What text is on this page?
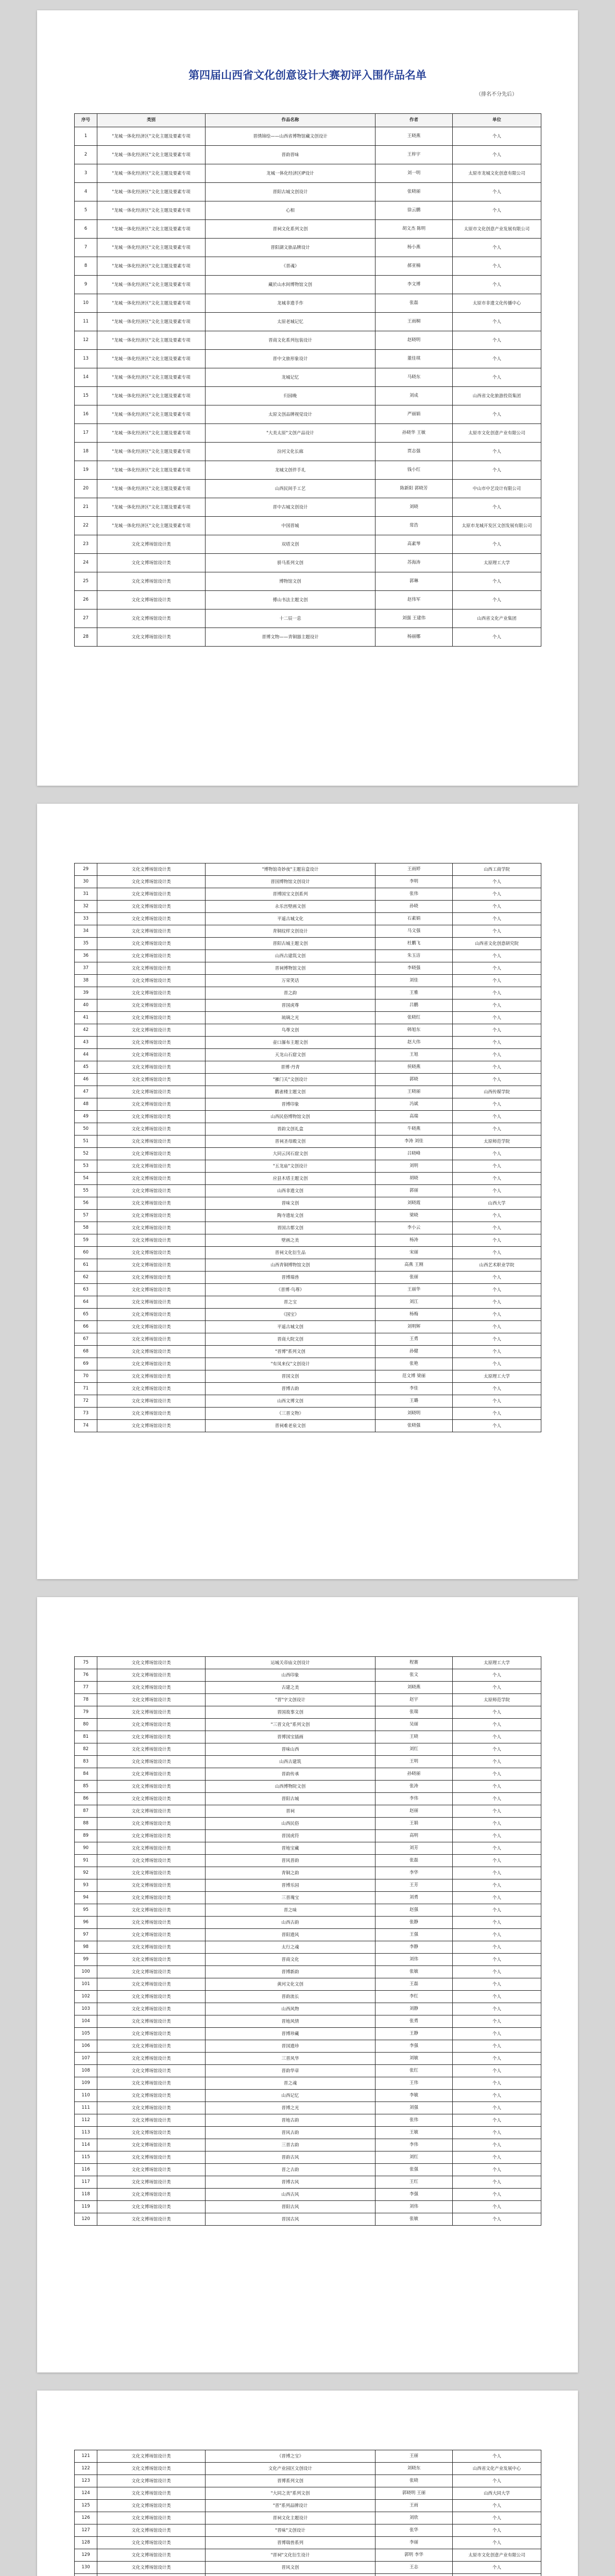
第四届山西省文化创意设计大赛初评入围作品名单
（排名不分先后）
序号	类别	作品名称	作者	单位
1	"龙城一体化经济区"文化主题及要素专项	晋绣锦绘——山西省博物馆藏文创设计	王晓燕	个人
2	"龙城一体化经济区"文化主题及要素专项	晋韵晋味	王梓宇	个人
3	"龙城一体化经济区"文化主题及要素专项	龙城一体化经济区IP设计	刘一明	太原市龙城文化创意有限公司
4	"龙城一体化经济区"文化主题及要素专项	晋阳古城文创设计	张晓丽	个人
5	"龙城一体化经济区"文化主题及要素专项	心相	徐云鹏	个人
6	"龙城一体化经济区"文化主题及要素专项	晋祠文化系列文创	胡文杰 陈明	太原市文化创意产业发展有限公司
7	"龙城一体化经济区"文化主题及要素专项	晋阳湖文旅品牌设计	杨小燕	个人
8	"龙城一体化经济区"文化主题及要素专项	《晋魂》	郝亚楠	个人
9	"龙城一体化经济区"文化主题及要素专项	藏於山水间博物馆文创	李文博	个人
10	"龙城一体化经济区"文化主题及要素专项	龙城非遗手作	张磊	太原市非遗文化传播中心
11	"龙城一体化经济区"文化主题及要素专项	太原老城记忆	王雨桐	个人
12	"龙城一体化经济区"文化主题及要素专项	晋商文化系列包装设计	赵晓明	个人
13	"龙城一体化经济区"文化主题及要素专项	晋中文旅形象设计	董佳琪	个人
14	"龙城一体化经济区"文化主题及要素专项	龙城记忆	马晓东	个人
15	"龙城一体化经济区"文化主题及要素专项	归园晚	刘成	山西省文化旅游投资集团
16	"龙城一体化经济区"文化主题及要素专项	太原文创品牌视觉设计	严丽娟	个人
17	"龙城一体化经济区"文化主题及要素专项	"大美太原"文创产品设计	孙晓华 王敏	太原市文化创意产业有限公司
18	"龙城一体化经济区"文化主题及要素专项	汾河文化长廊	贾志强	个人
19	"龙城一体化经济区"文化主题及要素专项	龙城文创伴手礼	钱小红	个人
20	"龙城一体化经济区"文化主题及要素专项	山西民间手工艺	陈新阳 郭晓芳	中山市中艺设计有限公司
21	"龙城一体化经济区"文化主题及要素专项	晋中古城文创设计	刘晓	个人
22	"龙城一体化经济区"文化主题及要素专项	中国晋城	常浩	太原市龙城开发区文创发展有限公司
23	文化文博场馆设计类	双塔文创	高素琴	个人
24	文化文博场馆设计类	骄马系列文创	苏海涛	太原理工大学
25	文化文博场馆设计类	博物馆文创	郭琳	个人
26	文化文博场馆设计类	傅山书法主题文创	赵伟军	个人
27	文化文博场馆设计类	十二辰一息	刘强 王建伟	山西省文化产业集团
28	文化文博场馆设计类	晋博文物——青铜器主题设计	杨丽娜	个人
29	文化文博场馆设计类	"博物馆奇妙夜"主题盲盒设计	王雨婷	山西工商学院
30	文化文博场馆设计类	晋国博物馆文创设计	李明	个人
31	文化文博场馆设计类	晋博国宝文创系列	张伟	个人
32	文化文博场馆设计类	永乐宫壁画文创	孙晓	个人
33	文化文博场馆设计类	平遥古城文化	石素娟	个人
34	文化文博场馆设计类	青铜纹样文创设计	马文强	个人
35	文化文博场馆设计类	晋阳古城主题文创	杜鹏飞	山西省文化创意研究院
36	文化文博场馆设计类	山西古建筑文创	朱玉洁	个人
37	文化文博场馆设计类	晋祠博物馆文创	李晓强	个人
38	文化文博场馆设计类	万荣笑话	刘佳	个人
39	文化文博场馆设计类	晋之韵	王雅	个人
40	文化文博场馆设计类	晋国虎尊	吕鹏	个人
41	文化文博场馆设计类	琉璃之光	张晓红	个人
42	文化文博场馆设计类	鸟尊文创	韩旭东	个人
43	文化文博场馆设计类	壶口瀑布主题文创	赵大伟	个人
44	文化文博场馆设计类	天龙山石窟文创	王旭	个人
45	文化文博场馆设计类	晋博·丹青	侯晓燕	个人
46	文化文博场馆设计类	"雁门关"文创设计	郭晓	个人
47	文化文博场馆设计类	鹳雀楼主题文创	王晓丽	山西传媒学院
48	文化文博场馆设计类	晋博印象	冯斌	个人
49	文化文博场馆设计类	山西民俗博物馆文创	高瑞	个人
50	文化文博场馆设计类	晋韵文创礼盒	牛晓燕	个人
51	文化文博场馆设计类	晋祠圣母殿文创	李涛 刘佳	太原师范学院
52	文化文博场馆设计类	大同云冈石窟文创	吕晓峰	个人
53	文化文博场馆设计类	"五龙庙"文创设计	刘明	个人
54	文化文博场馆设计类	应县木塔主题文创	胡晓	个人
55	文化文博场馆设计类	山西非遗文创	郭丽	个人
56	文化文博场馆设计类	晋味文创	刘晓霞	山西大学
57	文化文博场馆设计类	陶寺遗址文创	梁晓	个人
58	文化文博场馆设计类	晋国古都文创	李小云	个人
59	文化文博场馆设计类	壁画之美	杨涛	个人
60	文化文博场馆设计类	晋祠文化衍生品	宋丽	个人
61	文化文博场馆设计类	山西青铜博物馆文创	高燕 王刚	山西艺术职业学院
62	文化文博场馆设计类	晋博瑞兽	张丽	个人
63	文化文博场馆设计类	《晋博·鸟尊》	王丽华	个人
64	文化文博场馆设计类	晋之宝	刘江	个人
65	文化文博场馆设计类	《国宝》	杨梅	个人
66	文化文博场馆设计类	平遥古城文创	刘明辉	个人
67	文化文博场馆设计类	晋商大院文创	王勇	个人
68	文化文博场馆设计类	"晋博"系列文创	孙健	个人
69	文化文博场馆设计类	"有凤来仪"文创设计	张艳	个人
70	文化文博场馆设计类	晋国文创	范文博 梁丽	太原理工大学
71	文化文博场馆设计类	晋博古韵	李佳	个人
72	文化文博场馆设计类	山西文博文创	王璐	个人
73	文化文博场馆设计类	《三晋文物》	刘晓明	个人
74	文化文博场馆设计类	晋祠难老泉文创	张晓强	个人
75	文化文博场馆设计类	运城关帝庙文创设计	程赛	太原理工大学
76	文化文博场馆设计类	山西印象	张文	个人
77	文化文博场馆设计类	古建之美	刘晓燕	个人
78	文化文博场馆设计类	"晋"字文创设计	赵宇	太原师范学院
79	文化文博场馆设计类	晋国故事文创	张瑞	个人
80	文化文博场馆设计类	"三晋文化"系列文创	吴丽	个人
81	文化文博场馆设计类	晋博国宝插画	王晓	个人
82	文化文博场馆设计类	晋味山西	刘红	个人
83	文化文博场馆设计类	山西古建筑	王明	个人
84	文化文博场馆设计类	晋韵传承	孙晓丽	个人
85	文化文博场馆设计类	山西博物院文创	张涛	个人
86	文化文博场馆设计类	晋阳古城	李伟	个人
87	文化文博场馆设计类	晋祠	赵丽	个人
88	文化文博场馆设计类	山西民俗	王娟	个人
89	文化文博场馆设计类	晋国虎符	高明	个人
90	文化文博场馆设计类	晋地宝藏	刘芳	个人
91	文化文博场馆设计类	晋风晋韵	张磊	个人
92	文化文博场馆设计类	青铜之韵	李华	个人
93	文化文博场馆设计类	晋博乐园	王芳	个人
94	文化文博场馆设计类	三晋瑰宝	刘勇	个人
95	文化文博场馆设计类	晋之味	赵强	个人
96	文化文博场馆设计类	山西古韵	张静	个人
97	文化文博场馆设计类	晋阳遗风	王强	个人
98	文化文博场馆设计类	太行之魂	李静	个人
99	文化文博场馆设计类	晋商文化	刘伟	个人
100	文化文博场馆设计类	晋博新韵	张敏	个人
101	文化文博场馆设计类	黄河文化文创	王磊	个人
102	文化文博场馆设计类	晋韵流长	李红	个人
103	文化文博场馆设计类	山西风物	刘静	个人
104	文化文博场馆设计类	晋地风情	张勇	个人
105	文化文博场馆设计类	晋博珍藏	王静	个人
106	文化文博场馆设计类	晋国遗珍	李强	个人
107	文化文博场馆设计类	三晋风华	刘敏	个人
108	文化文博场馆设计类	晋韵华章	张红	个人
109	文化文博场馆设计类	晋之魂	王伟	个人
110	文化文博场馆设计类	山西记忆	李敏	个人
111	文化文博场馆设计类	晋博之光	刘强	个人
112	文化文博场馆设计类	晋地古韵	张伟	个人
113	文化文博场馆设计类	晋风古韵	王敏	个人
114	文化文博场馆设计类	三晋古韵	李伟	个人
115	文化文博场馆设计类	晋韵古风	刘红	个人
116	文化文博场馆设计类	晋之古韵	张强	个人
117	文化文博场馆设计类	晋博古风	王红	个人
118	文化文博场馆设计类	山西古风	李强	个人
119	文化文博场馆设计类	晋阳古风	刘伟	个人
120	文化文博场馆设计类	晋国古风	张敏	个人
121	文化文博场馆设计类	《晋博之宝》	王丽	个人
122	文化文博场馆设计类	文化产业园区文创设计	刘晓东	山西省文化产业发展中心
123	文化文博场馆设计类	晋博系列文创	张晓	个人
124	文化文博场馆设计类	"大同之美"系列文创	郭晓明 王丽	山西大同大学
125	文化文博场馆设计类	"晋"系列品牌设计	王雨	个人
126	文化文博场馆设计类	晋祠文化主题设计	刘欣	个人
127	文化文博场馆设计类	"晋味"文创设计	张华	个人
128	文化文博场馆设计类	晋博瑞兽系列	李丽	个人
129	文化文博场馆设计类	"晋祠"文化衍生设计	郭明 李华	太原市文化创意产业有限公司
130	文化文博场馆设计类	晋风文创	王志	个人
